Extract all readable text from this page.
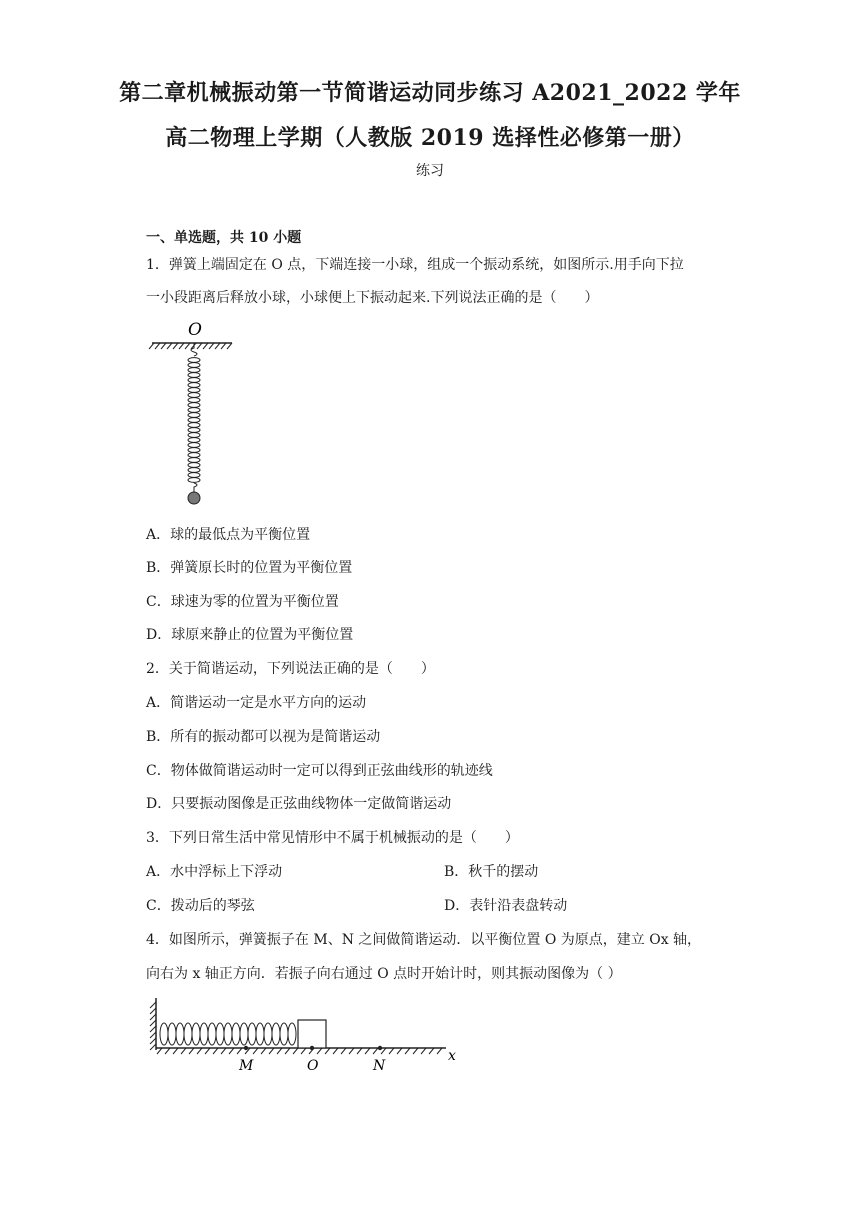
第二章机械振动第一节简谐运动同步练习 A2021_2022 学年
高二物理上学期（人教版 2019 选择性必修第一册）
练习
一、单选题，共 10 小题
1．弹簧上端固定在 O 点，下端连接一小球，组成一个振动系统，如图所示.用手向下拉
一小段距离后释放小球，小球便上下振动起来.下列说法正确的是（　　）
O
A．球的最低点为平衡位置
B．弹簧原长时的位置为平衡位置
C．球速为零的位置为平衡位置
D．球原来静止的位置为平衡位置
2．关于简谐运动，下列说法正确的是（　　）
A．简谐运动一定是水平方向的运动
B．所有的振动都可以视为是简谐运动
C．物体做简谐运动时一定可以得到正弦曲线形的轨迹线
D．只要振动图像是正弦曲线物体一定做简谐运动
3．下列日常生活中常见情形中不属于机械振动的是（　　）
A．水中浮标上下浮动	B．秋千的摆动
C．拨动后的琴弦	D．表针沿表盘转动
4．如图所示，弹簧振子在 M、N 之间做简谐运动．以平衡位置 O 为原点，建立 Ox 轴，
向右为 x 轴正方向．若振子向右通过 O 点时开始计时，则其振动图像为（ ）
M	O	N
x
